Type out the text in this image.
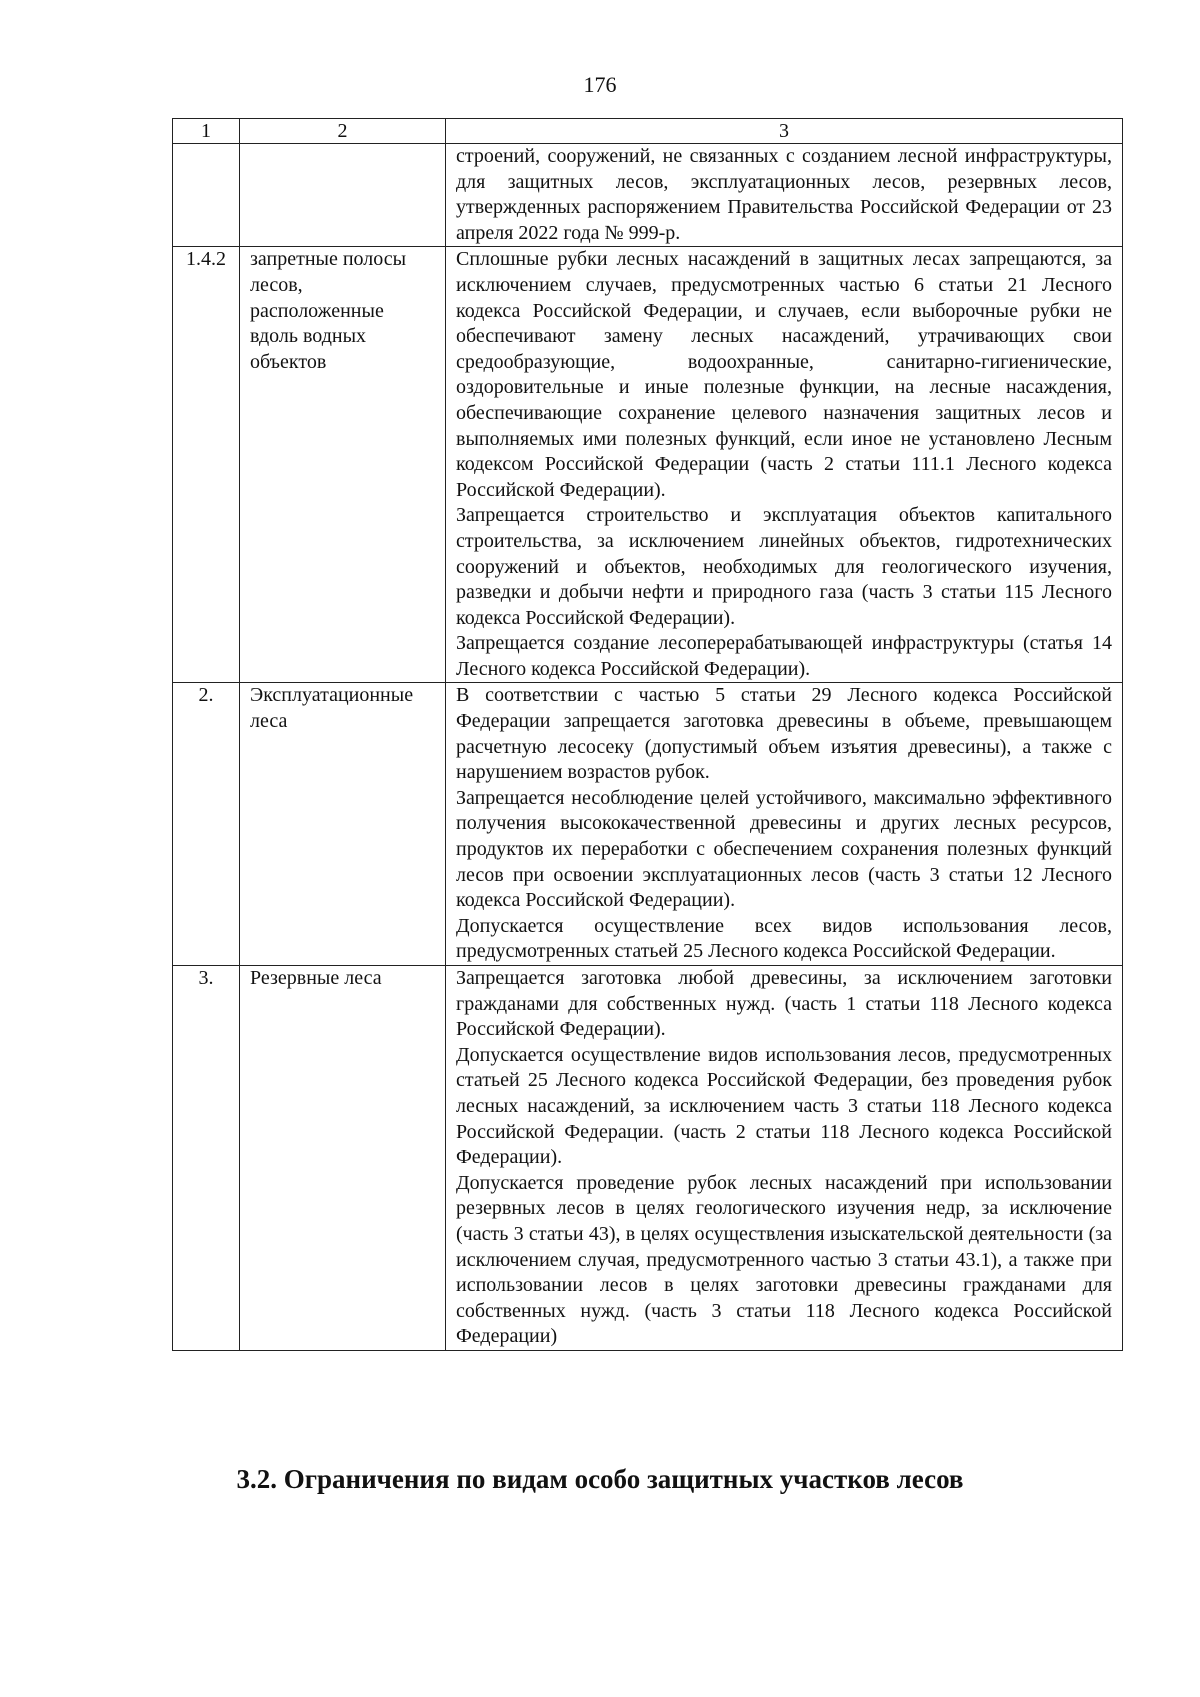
176
1	2	3

		строений, сооружений, не связанных с созданием лесной инфраструктуры, для защитных лесов, эксплуатационных лесов, резервных лесов, утвержденных распоряжением Правительства Российской Федерации от 23 апреля 2022 года № 999-р.

1.4.2	запретные полосы лесов, расположенные вдоль водных объектов	Сплошные рубки лесных насаждений в защитных лесах запрещаются, за исключением случаев, предусмотренных частью 6 статьи 21 Лесного кодекса Российской Федерации, и случаев, если выборочные рубки не обеспечивают замену лесных насаждений, утрачивающих свои средообразующие, водоохранные, санитарно-гигиенические, оздоровительные и иные полезные функции, на лесные насаждения, обеспечивающие сохранение целевого назначения защитных лесов и выполняемых ими полезных функций, если иное не установлено Лесным кодексом Российской Федерации (часть 2 статьи 111.1 Лесного кодекса Российской Федерации).

Запрещается строительство и эксплуатация объектов капитального строительства, за исключением линейных объектов, гидротехнических сооружений и объектов, необходимых для геологического изучения, разведки и добычи нефти и природного газа (часть 3 статьи 115 Лесного кодекса Российской Федерации).

Запрещается создание лесоперерабатывающей инфраструктуры (статья 14 Лесного кодекса Российской Федерации).

2.	Эксплуатационные леса	В соответствии с частью 5 статьи 29 Лесного кодекса Российской Федерации запрещается заготовка древесины в объеме, превышающем расчетную лесосеку (допустимый объем изъятия древесины), а также с нарушением возрастов рубок.

Запрещается несоблюдение целей устойчивого, максимально эффективного получения высококачественной древесины и других лесных ресурсов, продуктов их переработки с обеспечением сохранения полезных функций лесов при освоении эксплуатационных лесов (часть 3 статьи 12 Лесного кодекса Российской Федерации).

Допускается осуществление всех видов использования лесов, предусмотренных статьей 25 Лесного кодекса Российской Федерации.

3.	Резервные леса	Запрещается заготовка любой древесины, за исключением заготовки гражданами для собственных нужд. (часть 1 статьи 118 Лесного кодекса Российской Федерации).

Допускается осуществление видов использования лесов, предусмотренных статьей 25 Лесного кодекса Российской Федерации, без проведения рубок лесных насаждений, за исключением часть 3 статьи 118 Лесного кодекса Российской Федерации. (часть 2 статьи 118 Лесного кодекса Российской Федерации).

Допускается проведение рубок лесных насаждений при использовании резервных лесов в целях геологического изучения недр, за исключение (часть 3 статьи 43), в целях осуществления изыскательской деятельности (за исключением случая, предусмотренного частью 3 статьи 43.1), а также при использовании лесов в целях заготовки древесины гражданами для собственных нужд. (часть 3 статьи 118 Лесного кодекса Российской Федерации)

3.2. Ограничения по видам особо защитных участков лесов
